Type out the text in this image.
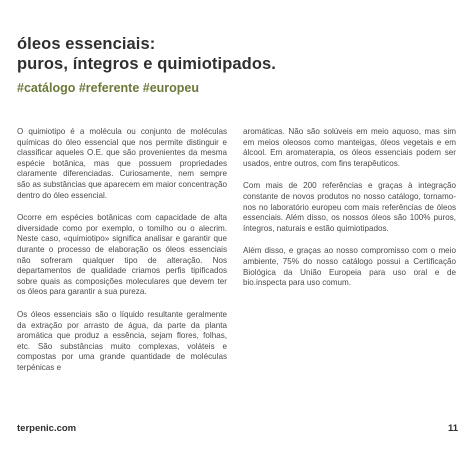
óleos essenciais:
puros, íntegros e quimiotipados.
#catálogo #referente #europeu

O quimiotipo é a molécula ou conjunto de moléculas químicas do óleo essencial que nos permite distinguir e classificar aqueles O.E. que são provenientes da mesma espécie botânica, mas que possuem propriedades claramente diferenciadas. Curiosamente, nem sempre são as substâncias que aparecem em maior concentração dentro do óleo essencial.

Ocorre em espécies botânicas com capacidade de alta diversidade como por exemplo, o tomilho ou o alecrim. Neste caso, «quimiotipo» significa analisar e garantir que durante o processo de elaboração os óleos essenciais não sofreram qualquer tipo de alteração. Nos departamentos de qualidade criamos perfis tipificados sobre quais as composições moleculares que devem ter os óleos para garantir a sua pureza.

Os óleos essenciais são o líquido resultante geralmente da extração por arrasto de água, da parte da planta aromática que produz a essência, sejam flores, folhas, etc. São substâncias muito complexas, voláteis e compostas por uma grande quantidade de moléculas terpénicas e

aromáticas. Não são solúveis em meio aquoso, mas sim em meios oleosos como manteigas, óleos vegetais e em álcool. Em aromaterapia, os óleos essenciais podem ser usados, entre outros, com fins terapêuticos.

Com mais de 200 referências e graças à integração constante de novos produtos no nosso catálogo, tornamo-nos no laboratório europeu com mais referências de óleos essenciais. Além disso, os nossos óleos são 100% puros, íntegros, naturais e estão quimiotipados.

Além disso, e graças ao nosso compromisso com o meio ambiente, 75% do nosso catálogo possui a Certificação Biológica da União Europeia para uso oral e de bio.inspecta para uso comum.

terpenic.com	11
